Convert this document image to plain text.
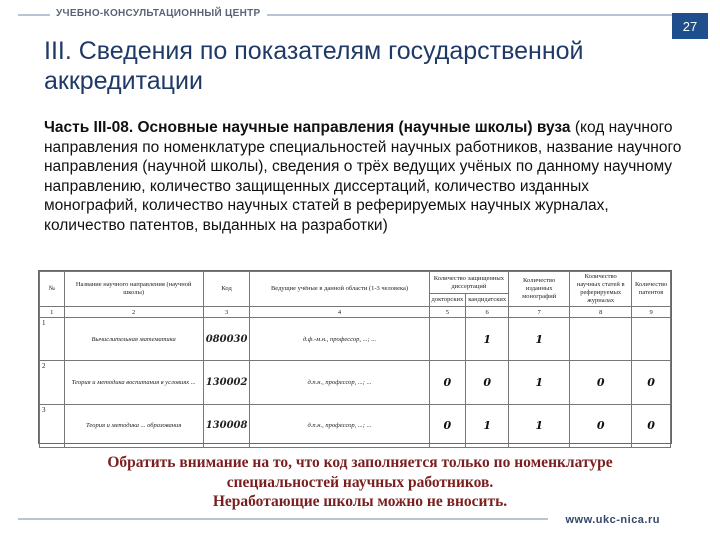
УЧЕБНО-КОНСУЛЬТАЦИОННЫЙ ЦЕНТР
27
III. Сведения по показателям государственной аккредитации
Часть III-08. Основные научные направления (научные школы) вуза (код научного направления по номенклатуре специальностей научных работников, название научного направления (научной школы), сведения о трёх ведущих учёных по данному научному направлению, количество защищенных диссертаций, количество изданных монографий, количество научных статей в реферируемых научных журналах, количество патентов, выданных на разработки)
№	Название научного направления (научной школы)	Код	Ведущие учёные в данной области (1-3 человека)	Количество защищенных диссертаций		Количество изданных монографий	Количество научных статей в реферируемых журналах	Количество патентов
				докторских	кандидатских			
1	2	3	4	5	6	7	8	9
1	Вычислительная математика	080030	д.ф.-м.н., профессор, ...; ...		1	1		
2	Теория и методика воспитания в условиях ...	130002	д.п.н., профессор, ...; ...	0	0	1	0	0
3	Теория и методика ... образования	130008	д.п.н., профессор, ...; ...	0	1	1	0	0
Обратить внимание на то, что код заполняется только по номенклатуре
специальностей научных работников.
Неработающие школы можно не вносить.
www.ukc-nica.ru
